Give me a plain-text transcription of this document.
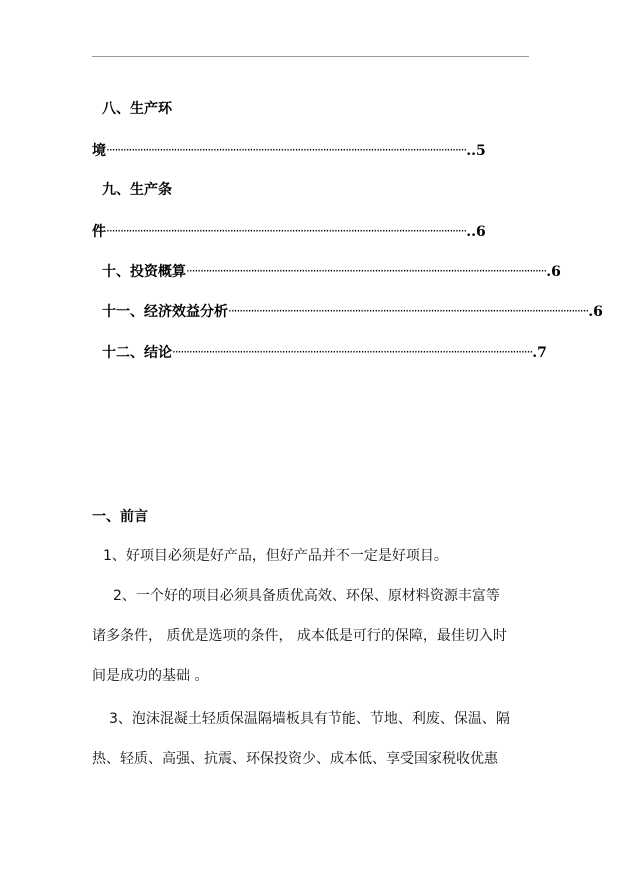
八、生产环
境 ································································································································ ..5
九、生产条
件 ································································································································ ..6
十、投资概算 ································································································································ .6
十一、经济效益分析 ································································································································ .6
十二、结论 ································································································································ .7
一、前言
1、好项目必须是好产品，但好产品并不一定是好项目。
2、一个好的项目必须具备质优高效、环保、原材料资源丰富等
诸多条件， 质优是选项的条件， 成本低是可行的保障，最佳切入时
间是成功的基础 。
3、泡沫混凝土轻质保温隔墙板具有节能、节地、利废、保温、隔
热、轻质、高强、抗震、环保投资少、成本低、享受国家税收优惠
